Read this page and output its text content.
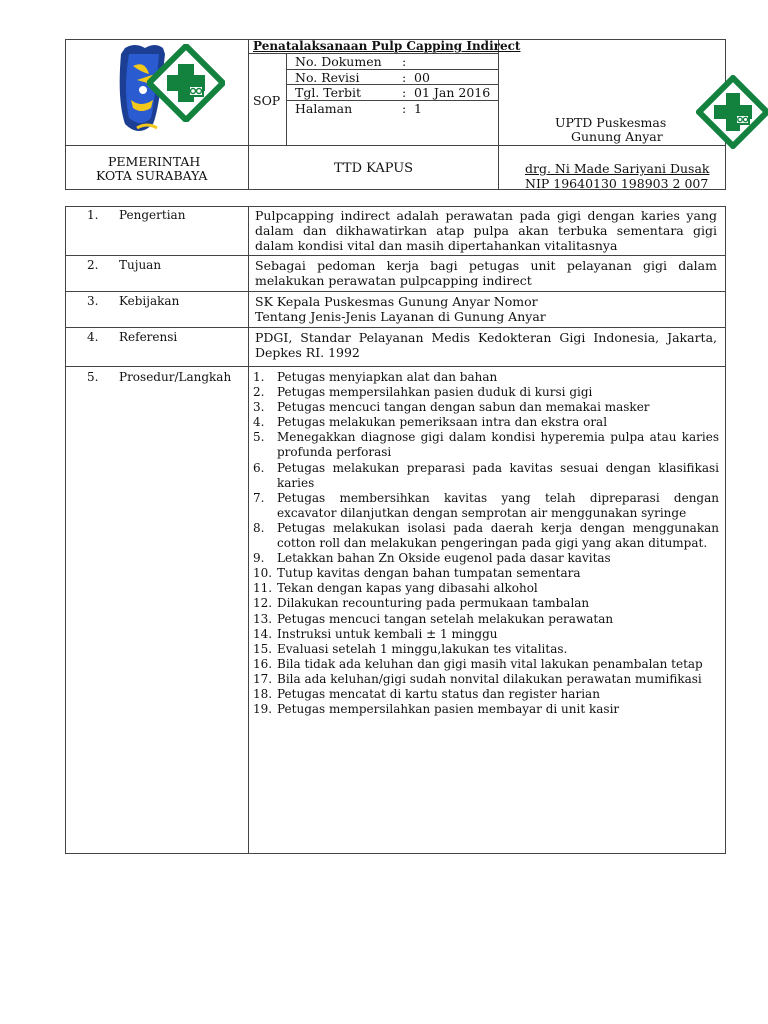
Penatalaksanaan Pulp Capping Indirect
SOP
No. Dokumen :
No. Revisi	: 00
Tgl. Terbit	: 01 Jan 2016
Halaman	: 1
UPTD Puskesmas
Gunung Anyar
PEMERINTAH
KOTA SURABAYA	TTD KAPUS	drg. Ni Made Sariyani Dusak
NIP 19640130 198903 2 007
1. Pengertian	Pulpcapping indirect adalah perawatan pada gigi dengan karies yang dalam dan dikhawatirkan atap pulpa akan terbuka sementara gigi dalam kondisi vital dan masih dipertahankan vitalitasnya
2. Tujuan	Sebagai pedoman kerja bagi petugas unit pelayanan gigi dalam melakukan perawatan pulpcapping indirect
3. Kebijakan	SK Kepala Puskesmas Gunung Anyar Nomor
Tentang Jenis-Jenis Layanan di Gunung Anyar
4. Referensi	PDGI, Standar Pelayanan Medis Kedokteran Gigi Indonesia, Jakarta, Depkes RI. 1992
5. Prosedur/Langkah 1.	Petugas menyiapkan alat dan bahan
2.	Petugas mempersilahkan pasien duduk di kursi gigi
3.	Petugas mencuci tangan dengan sabun dan memakai masker
4.	Petugas melakukan pemeriksaan intra dan ekstra oral
5.	Menegakkan diagnose gigi dalam kondisi hyperemia pulpa atau karies profunda perforasi
6.	Petugas melakukan preparasi pada kavitas sesuai dengan klasifikasi karies
7.	Petugas membersihkan kavitas yang telah dipreparasi dengan excavator dilanjutkan dengan semprotan air menggunakan syringe
8.	Petugas melakukan isolasi pada daerah kerja dengan menggunakan cotton roll dan melakukan pengeringan pada gigi yang akan ditumpat.
9.	Letakkan bahan Zn Okside eugenol pada dasar kavitas
10. Tutup kavitas dengan bahan tumpatan sementara
11. Tekan dengan kapas yang dibasahi alkohol
12. Dilakukan recounturing pada permukaan tambalan
13. Petugas mencuci tangan setelah melakukan perawatan
14. Instruksi untuk kembali ± 1 minggu
15. Evaluasi setelah 1 minggu,lakukan tes vitalitas.
16. Bila tidak ada keluhan dan gigi masih vital lakukan penambalan tetap
17. Bila ada keluhan/gigi sudah nonvital dilakukan perawatan mumifikasi
18. Petugas mencatat di kartu status dan register harian
19. Petugas mempersilahkan pasien membayar di unit kasir
